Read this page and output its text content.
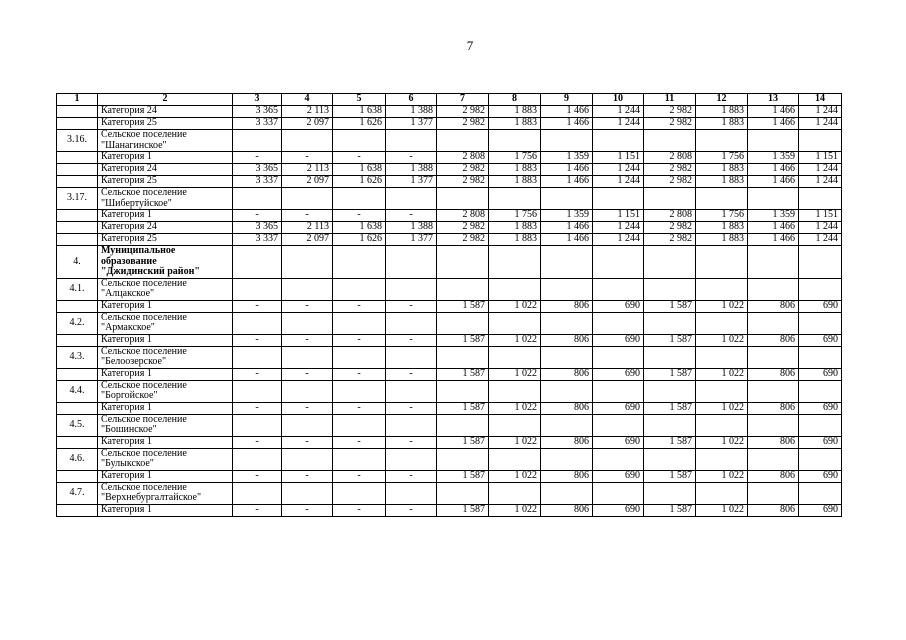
7
1	2	3	4	5	6	7	8	9	10	11	12	13	14

	Категория 24	3 365	2 113	1 638	1 388	2 982	1 883	1 466	1 244	2 982	1 883	1 466	1 244

	Категория 25	3 337	2 097	1 626	1 377	2 982	1 883	1 466	1 244	2 982	1 883	1 466	1 244
3.16.	Сельское поселение
"Шанагинское"												

	Категория 1	-	-	-	-	2 808	1 756	1 359	1 151	2 808	1 756	1 359	1 151

	Категория 24	3 365	2 113	1 638	1 388	2 982	1 883	1 466	1 244	2 982	1 883	1 466	1 244

	Категория 25	3 337	2 097	1 626	1 377	2 982	1 883	1 466	1 244	2 982	1 883	1 466	1 244
3.17.	Сельское поселение
"Шибертуйское"												

	Категория 1	-	-	-	-	2 808	1 756	1 359	1 151	2 808	1 756	1 359	1 151

	Категория 24	3 365	2 113	1 638	1 388	2 982	1 883	1 466	1 244	2 982	1 883	1 466	1 244

	Категория 25	3 337	2 097	1 626	1 377	2 982	1 883	1 466	1 244	2 982	1 883	1 466	1 244
4.	Муниципальное
образование
"Джидинский район"												

4.1.	Сельское поселение
"Алцакское"												

	Категория 1	-	-	-	-	1 587	1 022	806	690	1 587	1 022	806	690
4.2.	Сельское поселение
"Армакское"												

	Категория 1	-	-	-	-	1 587	1 022	806	690	1 587	1 022	806	690
4.3.	Сельское поселение
"Белоозерское"												

	Категория 1	-	-	-	-	1 587	1 022	806	690	1 587	1 022	806	690
4.4.	Сельское поселение
"Боргойское"												

	Категория 1	-	-	-	-	1 587	1 022	806	690	1 587	1 022	806	690
4.5.	Сельское поселение
"Бошинское"												

	Категория 1	-	-	-	-	1 587	1 022	806	690	1 587	1 022	806	690
4.6.	Сельское поселение
"Булыкское"												

	Категория 1	-	-	-	-	1 587	1 022	806	690	1 587	1 022	806	690
4.7.	Сельское поселение
"Верхнебургалтайское"												

	Категория 1	-	-	-	-	1 587	1 022	806	690	1 587	1 022	806	690
